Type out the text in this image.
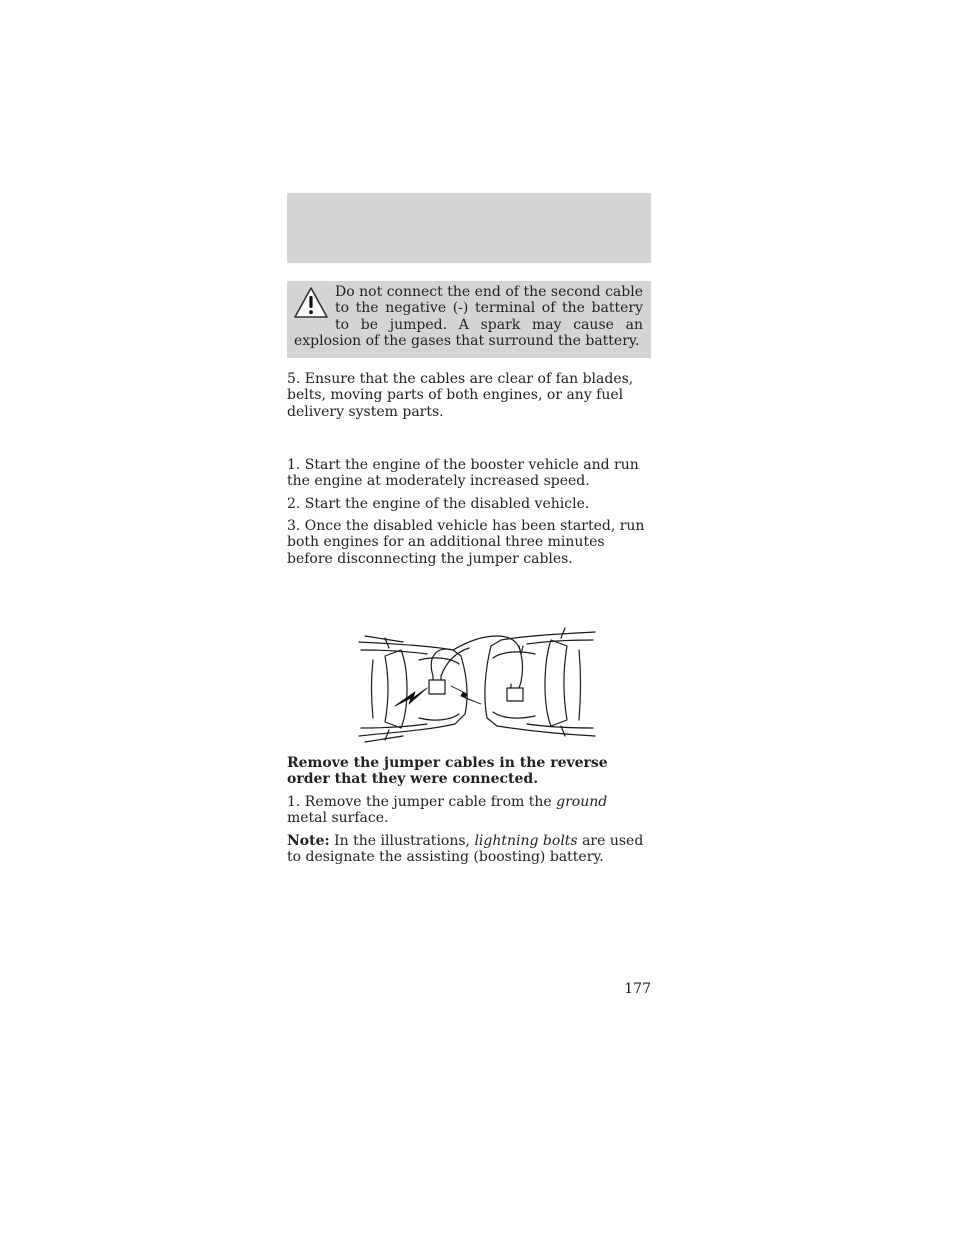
Do not connect the end of the second cable to the negative (-) terminal of the battery to be jumped. A spark may cause an explosion of the gases that surround the battery.

5. Ensure that the cables are clear of fan blades, belts, moving parts of both engines, or any fuel delivery system parts.

1. Start the engine of the booster vehicle and run the engine at moderately increased speed.

2. Start the engine of the disabled vehicle.

3. Once the disabled vehicle has been started, run both engines for an additional three minutes before disconnecting the jumper cables.

Remove the jumper cables in the reverse order that they were connected.

1. Remove the jumper cable from the ground metal surface.

Note: In the illustrations, lightning bolts are used to designate the assisting (boosting) battery.

177
